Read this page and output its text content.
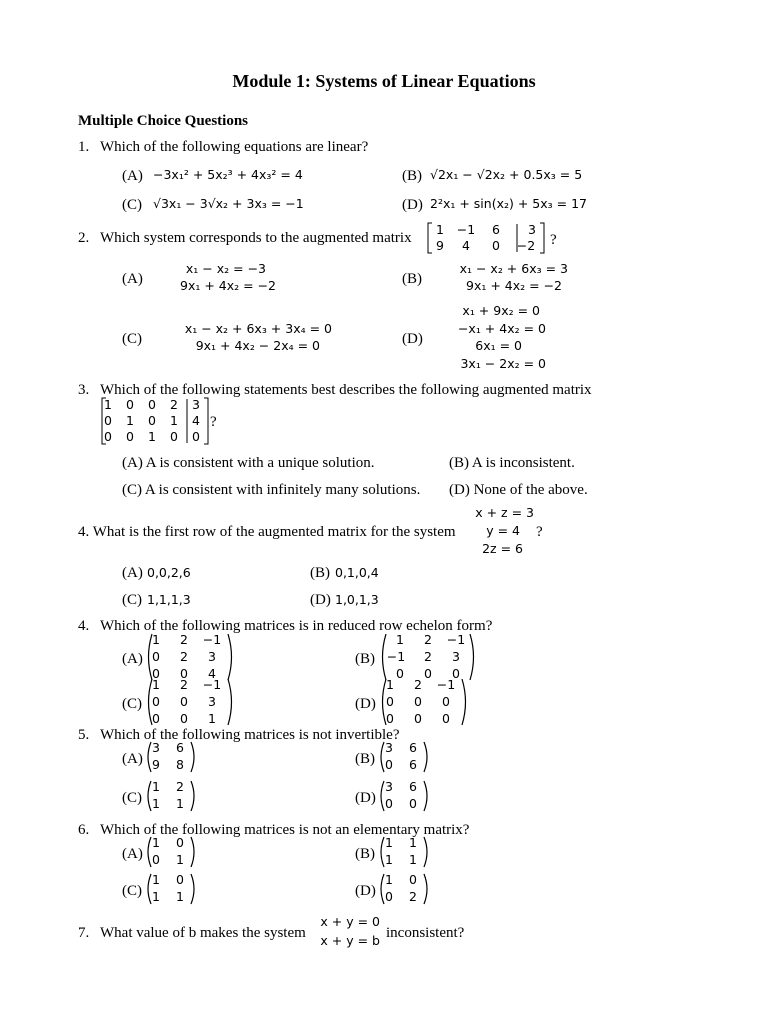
Module 1: Systems of Linear Equations
Multiple Choice Questions
1. Which of the following equations are linear?
(A) −3x₁² + 5x₂³ + 4x₃² = 4	(B) √2x₁ − √2x₂ + 0.5x₃ = 5
(C) √3x₁ − 3√x₂ + 3x₃ = −1	(D) 2²x₁ + sin(x₂) + 5x₃ = 17
2. Which system corresponds to the augmented matrix
1	−1	6	3
9	4	0	−2 ?
(A)
x₁ − x₂ = −3
9x₁ + 4x₂ = −2	(B)
x₁ − x₂ + 6x₃ = 3
9x₁ + 4x₂ = −2
(C)
x₁ − x₂ + 6x₃ + 3x₄ = 0
9x₁ + 4x₂ − 2x₄ = 0	(D)
x₁ + 9x₂ = 0
−x₁ + 4x₂ = 0
6x₁ = 0
3x₁ − 2x₂ = 0
3. Which of the following statements best describes the following augmented matrix
1	0	0	2	3
0	1	0	1	4
0	0	1	0	0
?
(A) A is consistent with a unique solution.	(B) A is inconsistent.
(C) A is consistent with infinitely many solutions. (D) None of the above.
x + z = 3
4. What is the first row of the augmented matrix for the system	y = 4 ?
2z = 6
(A) 0,0,2,6	(B) 0,1,0,4
(C) 1,1,1,3	(D) 1,0,1,3
4. Which of the following matrices is in reduced row echelon form?
(A)
1	2	−1
0	2	3
0	0	4
(B)
1	2	−1
−1	2	3
0	0	0
(C)
1	2	−1
0	0	3
0	0	1
(D)
1	2	−1
0	0	0
0	0	0
5. Which of the following matrices is not invertible?
(A)
3	6
9	8	(B)
3	6
0	6
(C)
1	2
1	1	(D)
3	6
0	0
6. Which of the following matrices is not an elementary matrix?
(A)
1	0
0	1	(B)
1	1
1	1
(C)
1	0
1	1	(D)
1	0
0	2
x + y = 0
7. What value of b makes the system	x + y = b inconsistent?
